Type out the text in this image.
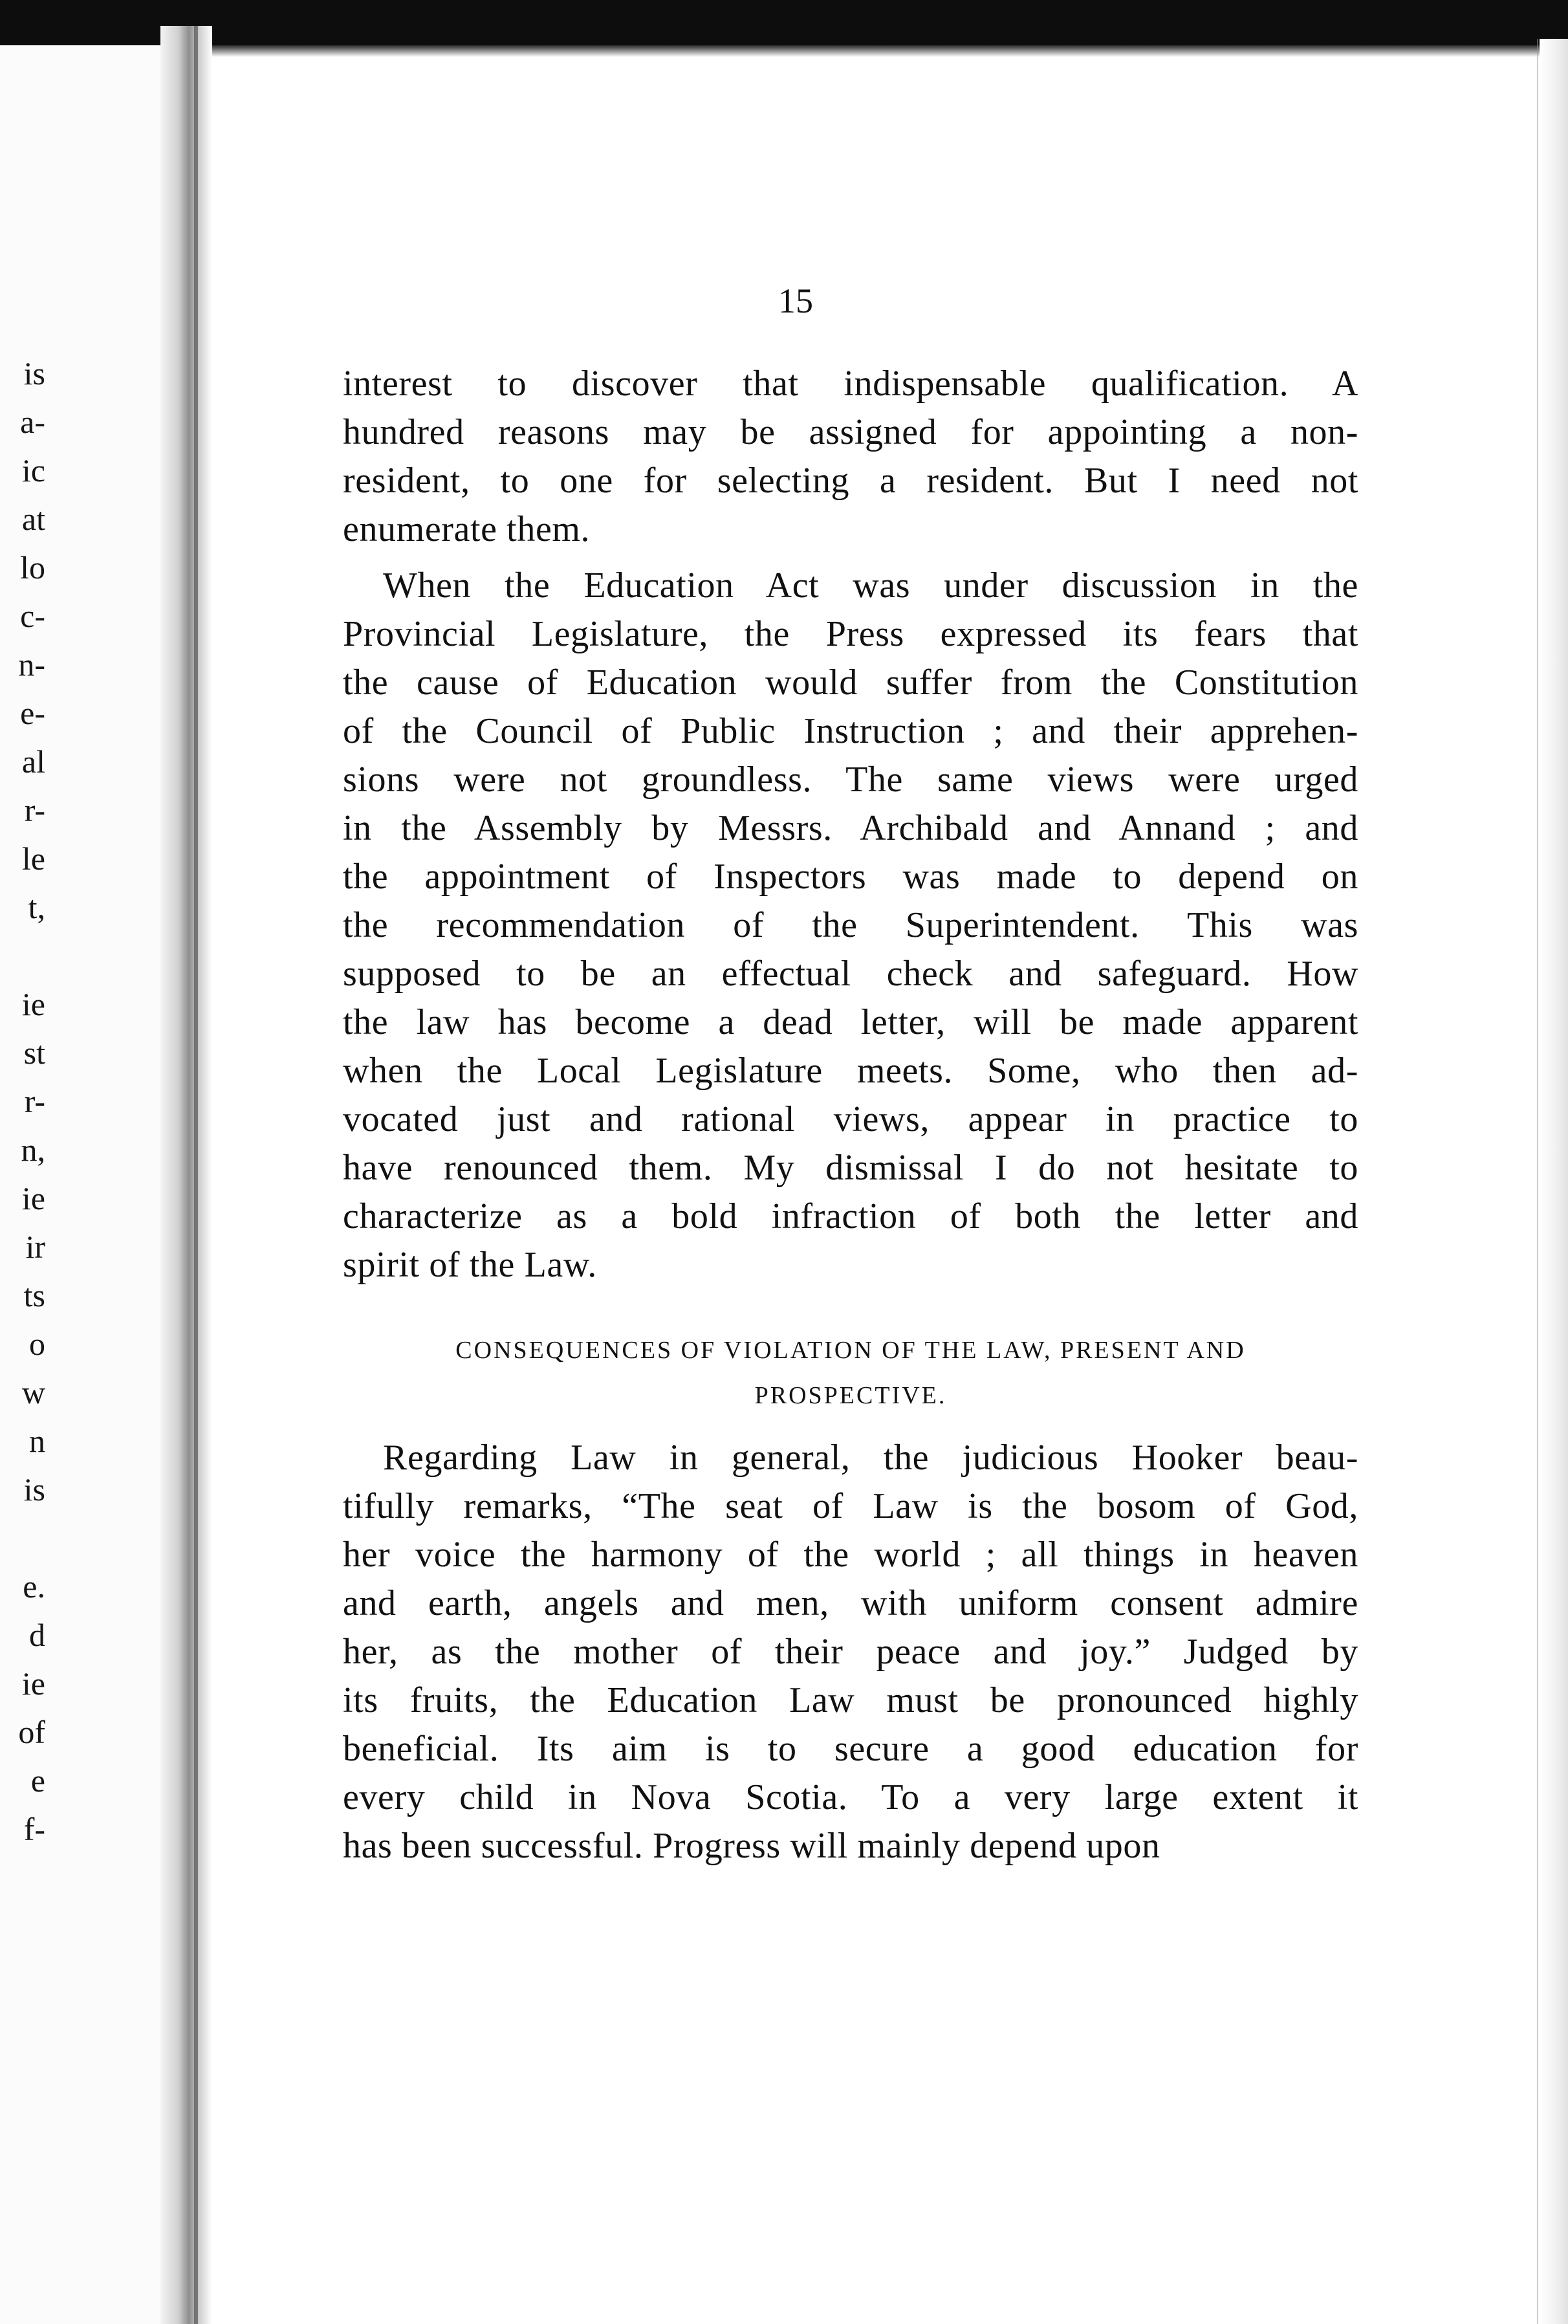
is
a-
ic
at
lo
c-
n-
e-
al
r-
le
t,
ie
st
r-
n,
ie
ir
ts
o
w
n
is
e.
d
ie
of
e
f-
15
interest to discover that indispensable qualification. A
hundred reasons may be assigned for appointing a non-
resident, to one for selecting a resident. But I need not
enumerate them.
When the Education Act was under discussion in the
Provincial Legislature, the Press expressed its fears that
the cause of Education would suffer from the Constitution
of the Council of Public Instruction ; and their apprehen-
sions were not groundless. The same views were urged
in the Assembly by Messrs. Archibald and Annand ; and
the appointment of Inspectors was made to depend on
the recommendation of the Superintendent. This was
supposed to be an effectual check and safeguard. How
the law has become a dead letter, will be made apparent
when the Local Legislature meets. Some, who then ad-
vocated just and rational views, appear in practice to
have renounced them. My dismissal I do not hesitate to
characterize as a bold infraction of both the letter and
spirit of the Law.
CONSEQUENCES OF VIOLATION OF THE LAW, PRESENT AND
PROSPECTIVE.
Regarding Law in general, the judicious Hooker beau-
tifully remarks, “The seat of Law is the bosom of God,
her voice the harmony of the world ; all things in heaven
and earth, angels and men, with uniform consent admire
her, as the mother of their peace and joy.” Judged by
its fruits, the Education Law must be pronounced highly
beneficial. Its aim is to secure a good education for
every child in Nova Scotia. To a very large extent it
has been successful. Progress will mainly depend upon
